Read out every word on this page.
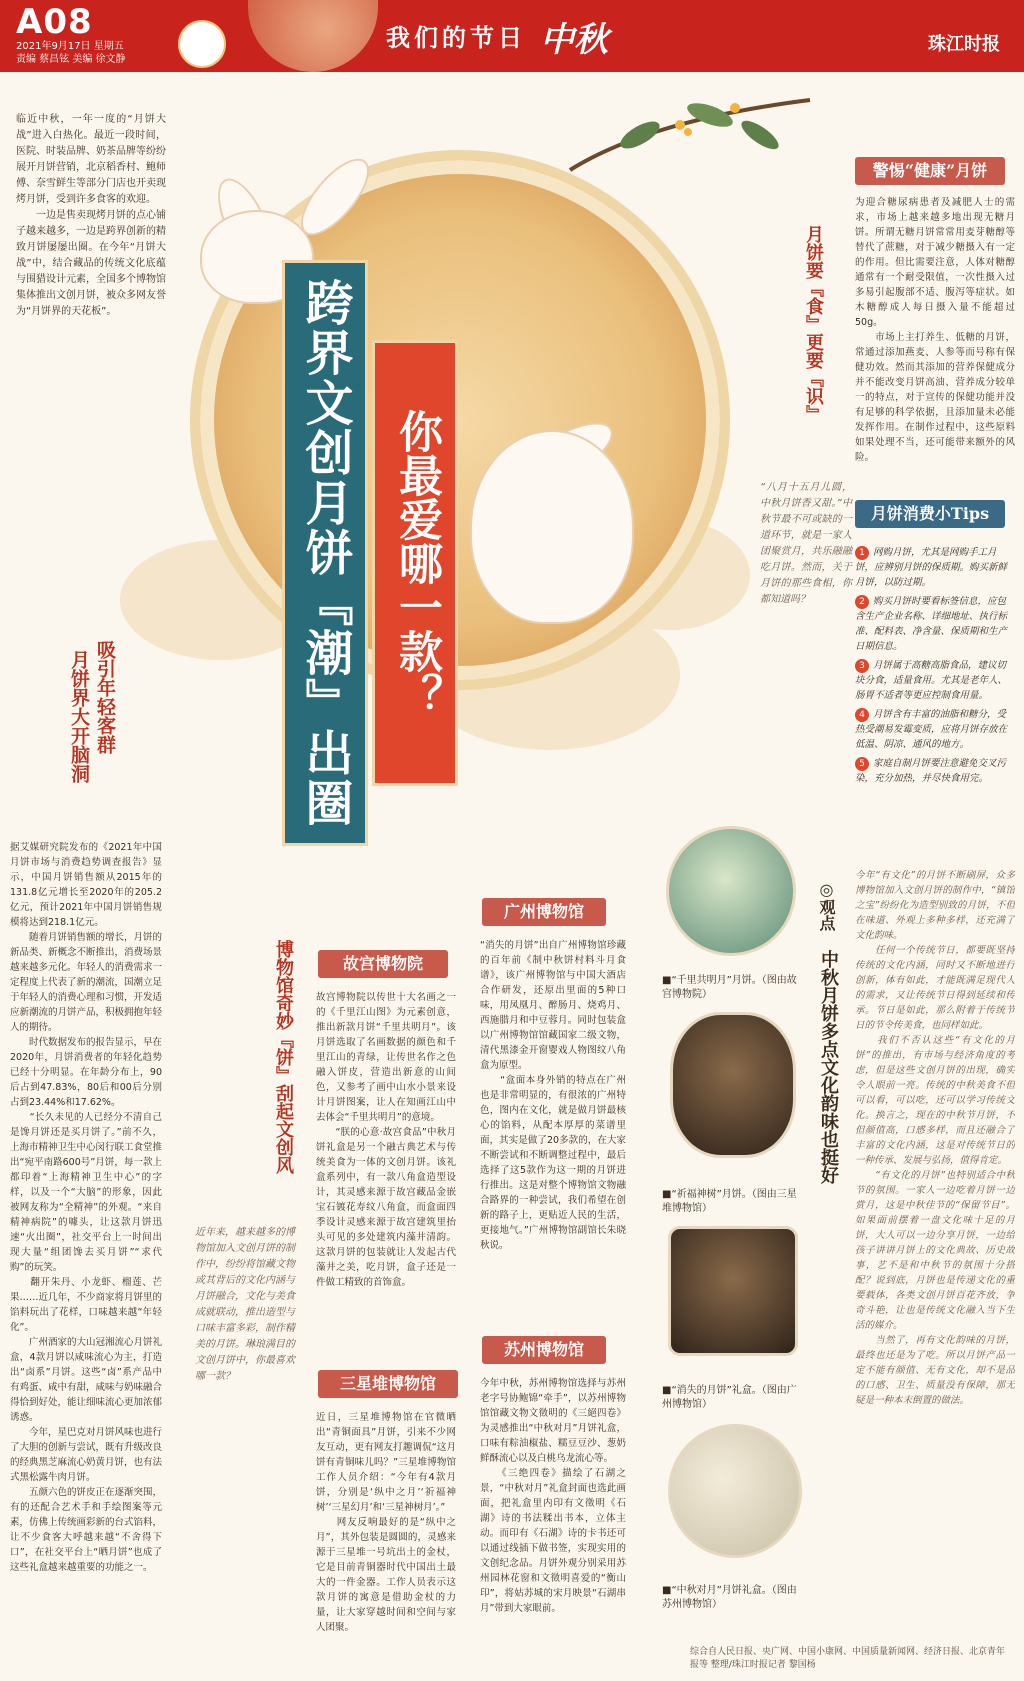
A08
2021年9月17日 星期五
责编 蔡昌铉 美编 徐文静
我们的节日 中秋	珠江时报
跨界文创月饼『潮』出圈 你最爱哪一款？
临近中秋，一年一度的“月饼大战”进入白热化。最近一段时间，医院、时装品牌、奶茶品牌等纷纷展开月饼营销，北京稻香村、鲍师傅、奈雪鲜生等部分门店也开卖现烤月饼，受到许多食客的欢迎。
　　一边是售卖现烤月饼的点心铺子越来越多，一边是跨界创新的精致月饼屡屡出圈。在今年“月饼大战”中，结合藏品的传统文化底蕴与围猎设计元素，全国多个博物馆集体推出文创月饼，被众多网友誉为“月饼界的天花板”。
吸引年轻客群
月饼界大开脑洞
月饼要『食』更要『识』
“八月十五月儿圆，中秋月饼香又甜。”中秋节最不可或缺的一道环节，就是一家人团聚赏月，共乐融融吃月饼。然而，关于月饼的那些食相，你都知道吗？
警惕“健康”月饼
为迎合糖尿病患者及减肥人士的需求，市场上越来越多地出现无糖月饼。所谓无糖月饼常常用麦芽糖醇等替代了蔗糖，对于减少糖摄入有一定的作用。但比需要注意，人体对糖醇通常有一个耐受限值，一次性摄入过多易引起腹部不适、腹泻等症状。如木糖醇成人每日摄入量不能超过50g。
　　市场上主打养生、低糖的月饼，常通过添加燕麦、人参等而号称有保健功效。然而其添加的营养保健成分并不能改变月饼高油、营养成分较单一的特点，对于宣传的保健功能并没有足够的科学依据，且添加量未必能发挥作用。在制作过程中，这些原料如果处理不当，还可能带来额外的风险。
月饼消费小Tips
1 网购月饼，尤其是网购手工月饼，应辨别月饼的保质期。购买新鲜月饼，以防过期。
2 购买月饼时要看标签信息，应包含生产企业名称、详细地址、执行标准、配料表、净含量、保质期和生产日期信息。
3 月饼属于高糖高脂食品，建议切块分食，适量食用。尤其是老年人、肠胃不适者等更应控制食用量。
4 月饼含有丰富的油脂和糖分，受热受潮易发霉变质，应将月饼存放在低温、阴凉、通风的地方。
5 家庭自制月饼要注意避免交叉污染，充分加热，并尽快食用完。
据艾媒研究院发布的《2021年中国月饼市场与消费趋势调查报告》显示，中国月饼销售额从2015年的131.8亿元增长至2020年的205.2亿元，预计2021年中国月饼销售规模将达到218.1亿元。
　　随着月饼销售额的增长，月饼的新品类、新概念不断推出，消费场景越来越多元化。年轻人的消费需求一定程度上代表了新的潮流，国潮立足于年轻人的消费心理和习惯，开发适应新潮流的月饼产品，积极拥抱年轻人的期待。
　　时代数据发布的报告显示，早在2020年，月饼消费者的年轻化趋势已经十分明显。在年龄分布上，90后占到47.83%，80后和00后分别占到23.44%和17.62%。
　　“长久未见的人已经分不清自己是馋月饼还是买月饼了。”前不久，上海市精神卫生中心闵行联工食堂推出“宛平南路600号”月饼，每一款上都印着“上海精神卫生中心”的字样，以及一个“大脑”的形象，因此被网友称为“全精神”的外观。“来自精神病院”的噱头，让这款月饼迅速“火出圈”，社交平台上一时间出现大量“组团馋去买月饼”“求代购”的玩笑。
　　翻开朱丹、小龙虾、榴莲、芒果……近几年，不少商家将月饼里的馅料玩出了花样，口味越来越“年轻化”。
　　广州酒家的大山冠湘流心月饼礼盒，4款月饼以咸味流心为主，打造出“卤系”月饼。这些“卤”系产品中有鸡蛋、咸中有甜，咸味与奶味融合得恰到好处，能让细味流心更加浓郁诱惑。
　　今年，星巴克对月饼风味也进行了大胆的创新与尝试，既有升级改良的经典黑芝麻流心奶黄月饼，也有法式黑松露牛肉月饼。
　　五颜六色的饼皮正在逐渐突围，有的还配合艺术手和手绘图案等元素，仿佛上传统画彩新的台式馅料，让不少食客大呼越来越“不舍得下口”，在社交平台上“晒月饼”也成了这些礼盒越来越重要的功能之一。
博物馆奇妙『饼』刮起文创风
近年来，越来越多的博物馆加入文创月饼的制作中，纷纷将馆藏文物或其背后的文化内涵与月饼融合，文化与美食成就联动，推出造型与口味丰富多彩，制作精美的月饼。琳琅满目的文创月饼中，你最喜欢哪一款？
故宫博物院
故宫博物院以传世十大名画之一的《千里江山图》为元素创意，推出新款月饼“千里共明月”。该月饼选取了名画数据的颜色和千里江山的青绿，让传世名作之色融入饼皮，营造出新意的山间色，又参考了画中山水小景来设计月饼图案，让人在知画江山中去体会“千里共明月”的意境。
　　“朕的心意·故宫食品”中秋月饼礼盒是另一个融古典艺术与传统美食为一体的文创月饼。该礼盒系列中，有一款八角盒造型设计，其灵感来源于故宫藏品金嵌宝石镀花寿纹八角盒，而盒面四季设计灵感来源于故宫建筑里抬头可见的多处建筑内藻井清韵。这款月饼的包装就让人发起古代藻井之美，吃月饼，盒子还是一件做工精致的首饰盒。
三星堆博物馆
近日，三星堆博物馆在官微晒出“青铜面具”月饼，引来不少网友互动，更有网友打趣调侃“这月饼有青铜味儿吗？”三星堆博物馆工作人员介绍：“今年有4款月饼，分别是‘纵中之月’‘祈福神树’‘三星幻月’和‘三星神树月’。”
　　网友反响最好的是“纵中之月”，其外包装是圆圆的，灵感来源于三星堆一号坑出土的金杖，它是目前青铜器时代中国出土最大的一件金器。工作人员表示这款月饼的寓意是借助金杖的力量，让大家穿越时间和空间与家人团聚。
广州博物馆
“消失的月饼”出自广州博物馆珍藏的百年前《制中秋饼村料斗月食谱》，该广州博物馆与中国大酒店合作研发，还原出里面的5种口味，用凤凰月、醉肠月、烧鸡月、西施腊月和中豆蓉月。同时包装盒以广州博物馆馆藏国家二级文物，清代黑漆金开窗婴戏人物图纹八角盒为原型。
　　“盒面本身外销的特点在广州也是非常明显的，有很浓的广州特色，图内在文化，就是做月饼最核心的馅料，从配本厚厚的菜谱里面，其实是做了20多款的，在大家不断尝试和不断调整过程中，最后选择了这5款作为这一期的月饼进行推出。这是对整个博物馆文物融合路界的一种尝试，我们希望在创新的路子上，更贴近人民的生活，更接地气。”广州博物馆副馆长朱晓秋说。
苏州博物馆
今年中秋，苏州博物馆选择与苏州老字号协鲍锦“牵手”，以苏州博物馆馆藏文物文徵明的《三絕四卷》为灵感推出“中秋对月”月饼礼盒，口味有粽油椒盐、糯豆豆沙、葱奶鲜酥流心以及白桃乌龙流心等。
　　《三绝四卷》描绘了石湖之景，“中秋对月”礼盒封面也选此画面，把礼盒里内印有文徵明《石湖》诗的书法糅出书本，立体主动。而印有《石湖》诗的卡书还可以通过线插下做书签，实现实用的文创纪念品。月饼外观分别采用苏州园林花窗和文徵明喜爱的“衡山印”，将姑苏城的宋月映景“石湖串月”带到大家眼前。
■“千里共明月”月饼。（图由故宫博物院）
■“祈福神树”月饼。（图由三星堆博物馆）
■“消失的月饼”礼盒。（图由广州博物馆）
■“中秋对月”月饼礼盒。（图由苏州博物馆）
◎观点
中秋月饼多点文化韵味也挺好
今年“有文化”的月饼不断刷屏，众多博物馆加入文创月饼的制作中，“镇馆之宝”纷纷化为造型别致的月饼，不但在味道、外观上多种多样，还充满了文化韵味。
　　任何一个传统节日，都要既坚持传统的文化内涵，同时又不断地进行创新，体有如此，才能既满足现代人的需求，又让传统节日得到延续和传承。节日是如此，那么附着于传统节日的节令传美食，也同样如此。
　　我们不否认这些“有文化的月饼”的推出，有市场与经济角度的考虑，但是这些文创月饼的出现，确实令人眼前一亮。传统的中秋美食不但可以看，可以吃，还可以学习传统文化。换言之，现在的中秋节月饼，不但颜值高，口感多样，而且还融合了丰富的文化内涵，这是对传统节日的一种传承、发展与弘扬，值得肯定。
　　“有文化的月饼”也特别适合中秋节的氛围。一家人一边吃着月饼一边赏月，这是中秋佳节的“保留节目”。如果面前摆着一盘文化味十足的月饼，大人可以一边分享月饼，一边给孩子讲讲月饼上的文化典故、历史故事，艺不是和中秋节的氛围十分搭配？说到底，月饼也是传递文化的重要载体，各类文创月饼百花齐放，争奇斗艳，让也是传统文化融入当下生活的媒介。
　　当然了，再有文化韵味的月饼，最终也还是为了吃。所以月饼产品一定不能有颜值、无有文化，却不是品的口感、卫生、质量没有保障，那无疑是一种本末倒置的做法。
综合自人民日报、央广网、中国小康网、中国质量新闻网、经济日报、北京青年报等 整理/珠江时报记者 黎国杨
